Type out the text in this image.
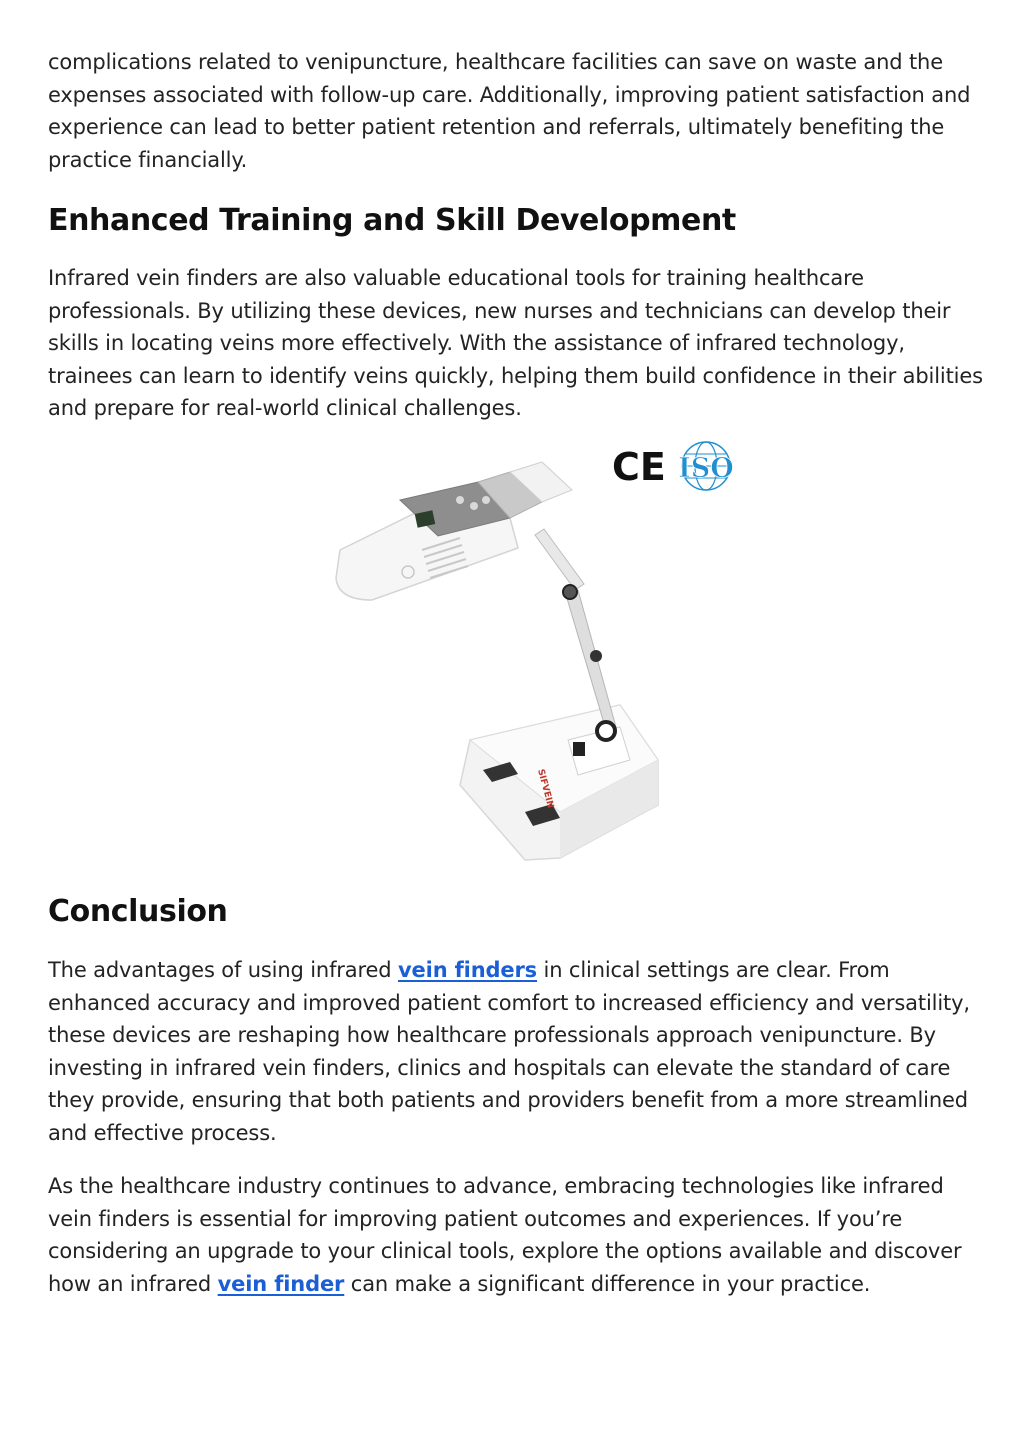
complications related to venipuncture, healthcare facilities can save on waste and the expenses associated with follow-up care. Additionally, improving patient satisfaction and experience can lead to better patient retention and referrals, ultimately benefiting the practice financially.

Enhanced Training and Skill Development

Infrared vein finders are also valuable educational tools for training healthcare professionals. By utilizing these devices, new nurses and technicians can develop their skills in locating veins more effectively. With the assistance of infrared technology, trainees can learn to identify veins quickly, helping them build confidence in their abilities and prepare for real-world clinical challenges.

CE ISO
SIFVEIN
Conclusion

The advantages of using infrared vein finders in clinical settings are clear. From enhanced accuracy and improved patient comfort to increased efficiency and versatility, these devices are reshaping how healthcare professionals approach venipuncture. By investing in infrared vein finders, clinics and hospitals can elevate the standard of care they provide, ensuring that both patients and providers benefit from a more streamlined and effective process.

As the healthcare industry continues to advance, embracing technologies like infrared vein finders is essential for improving patient outcomes and experiences. If you’re considering an upgrade to your clinical tools, explore the options available and discover how an infrared vein finder can make a significant difference in your practice.
